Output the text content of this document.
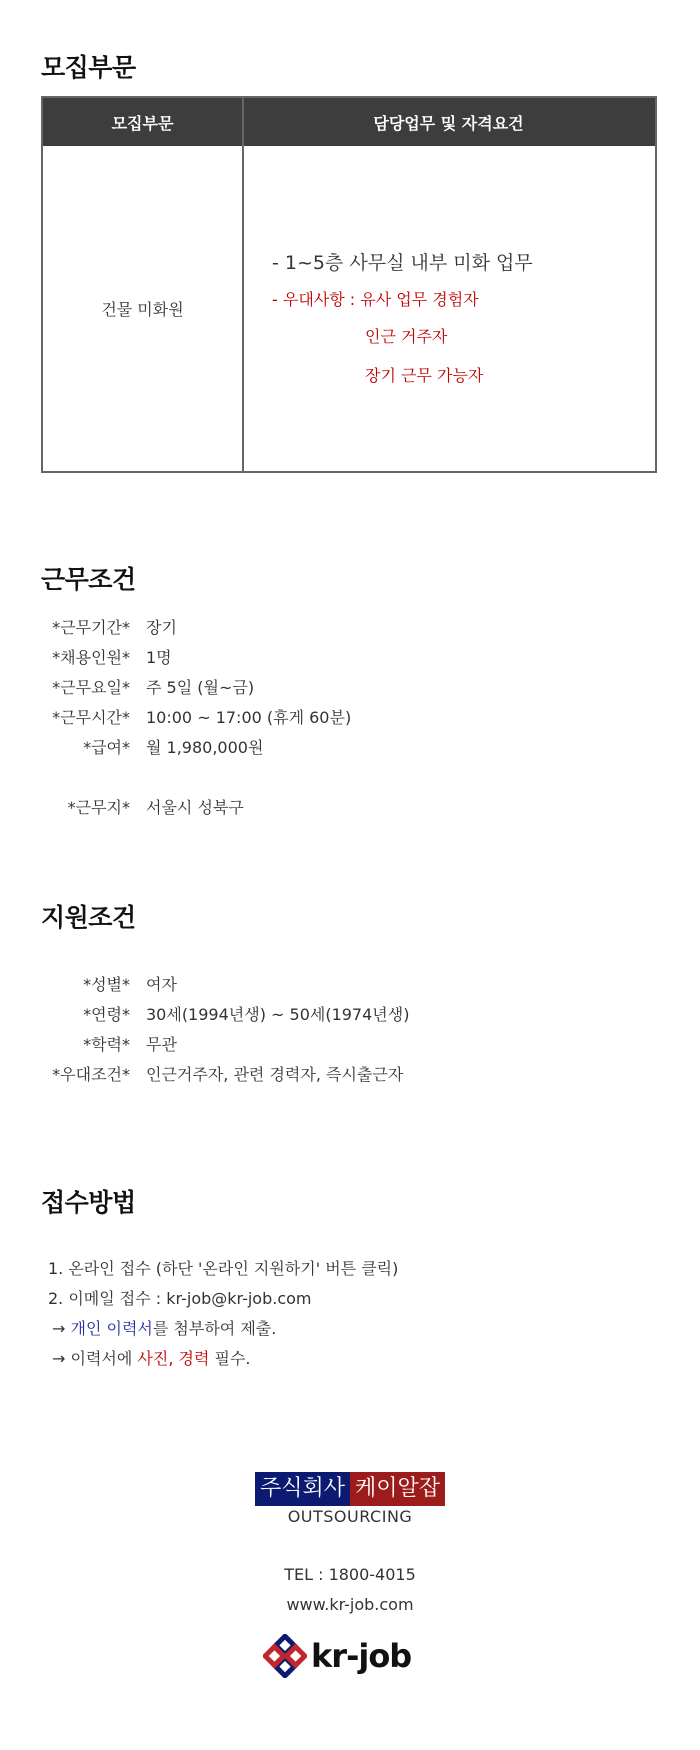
모집부문
모집부문	담당업무 및 자격요건
건물 미화원
- 1~5층 사무실 내부 미화 업무
- 우대사항 : 유사 업무 경험자
인근 거주자
장기 근무 가능자
근무조건
*근무기간* 장기
*채용인원* 1명
*근무요일* 주 5일 (월~금)
*근무시간* 10:00 ~ 17:00 (휴게 60분)
*급여* 월 1,980,000원
*근무지* 서울시 성북구
지원조건
*성별* 여자
*연령* 30세(1994년생) ~ 50세(1974년생)
*학력* 무관
*우대조건* 인근거주자, 관련 경력자, 즉시출근자
접수방법
1. 온라인 접수 (하단 '온라인 지원하기' 버튼 클릭)
2. 이메일 접수 : kr-job@kr-job.com
→ 개인 이력서를 첨부하여 제출.
→ 이력서에 사진, 경력 필수.
주식회사 케이알잡
OUTSOURCING
TEL : 1800-4015
www.kr-job.com
kr-job
